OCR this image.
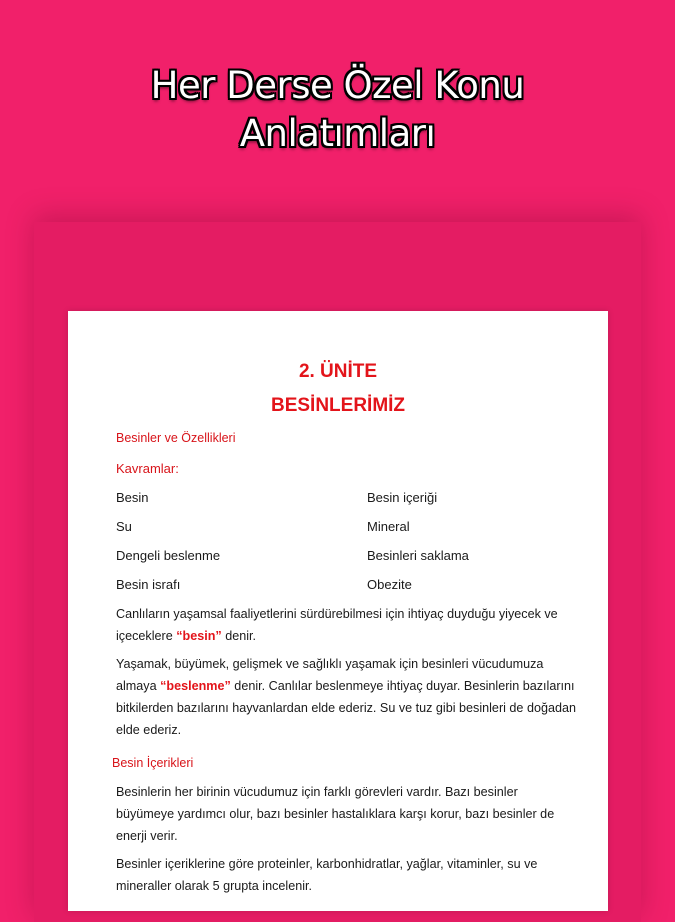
Her Derse Özel Konu
Anlatımları
2. ÜNİTE
BESİNLERİMİZ
Besinler ve Özellikleri
Kavramlar:
Besin
Su
Dengeli beslenme
Besin israfı
Besin içeriği
Mineral
Besinleri saklama
Obezite
Canlıların yaşamsal faaliyetlerini sürdürebilmesi için ihtiyaç duyduğu yiyecek ve içeceklere “besin” denir.
Yaşamak, büyümek, gelişmek ve sağlıklı yaşamak için besinleri vücudumuza almaya “beslenme” denir. Canlılar beslenmeye ihtiyaç duyar. Besinlerin bazılarını bitkilerden bazılarını hayvanlardan elde ederiz. Su ve tuz gibi besinleri de doğadan elde ederiz.
Besin İçerikleri
Besinlerin her birinin vücudumuz için farklı görevleri vardır. Bazı besinler büyümeye yardımcı olur, bazı besinler hastalıklara karşı korur, bazı besinler de enerji verir.
Besinler içeriklerine göre proteinler, karbonhidratlar, yağlar, vitaminler, su ve mineraller olarak 5 grupta incelenir.
